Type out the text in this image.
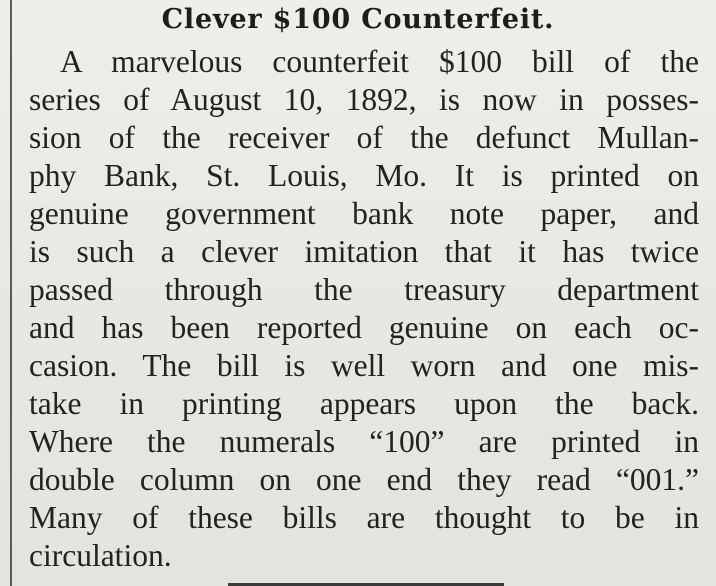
Clever $100 Counterfeit.
A marvelous counterfeit $100 bill of the
series of August 10, 1892, is now in posses-
sion of the receiver of the defunct Mullan-
phy Bank, St. Louis, Mo. It is printed on
genuine government bank note paper, and
is such a clever imitation that it has twice
passed through the treasury department
and has been reported genuine on each oc-
casion. The bill is well worn and one mis-
take in printing appears upon the back.
Where the numerals “100” are printed in
double column on one end they read “001.”
Many of these bills are thought to be in
circulation.
